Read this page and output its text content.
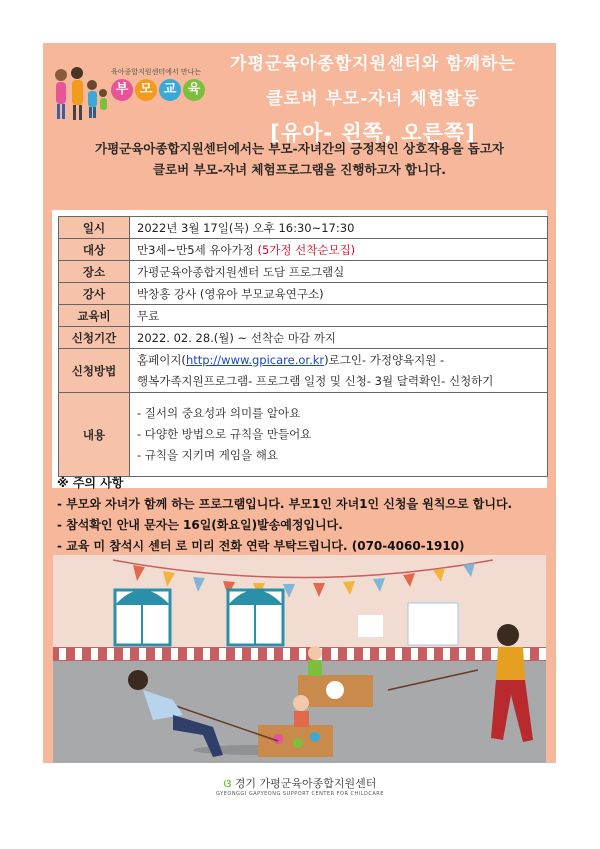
육아종합지원센터에서 만나는
부 모 교 육
가평군육아종합지원센터와 함께하는
클로버 부모-자녀 체험활동
[유아- 왼쪽, 오른쪽]
가평군육아종합지원센터에서는 부모-자녀간의 긍정적인 상호작용을 돕고자
클로버 부모-자녀 체험프로그램을 진행하고자 합니다.
일시	2022년 3월 17일(목) 오후 16:30~17:30
대상	만3세~만5세 유아가정 (5가정 선착순모집)
장소	가평군육아종합지원센터 도담 프로그램실
강사	박창홍 강사 (영유아 부모교육연구소)
교육비	무료
신청기간	2022. 02. 28.(월) ~ 선착순 마감 까지
신청방법	홈페이지(http://www.gpicare.or.kr)로그인- 가정양육지원 -
행복가족지원프로그램- 프로그램 일정 및 신청- 3월 달력확인- 신청하기
내용	- 질서의 중요성과 의미를 알아요
- 다양한 방법으로 규칙을 만들어요
- 규칙을 지키며 게임을 해요
※ 주의 사항
- 부모와 자녀가 함께 하는 프로그램입니다. 부모1인 자녀1인 신청을 원칙으로 합니다.
- 참석확인 안내 문자는 16일(화요일)발송예정입니다.
- 교육 미 참석시 센터 로 미리 전화 연락 부탁드립니다. (070-4060-1910)
ଓ 경기 가평군육아종합지원센터
GYEONGGI GAPYEONG SUPPORT CENTER FOR CHILDCARE
